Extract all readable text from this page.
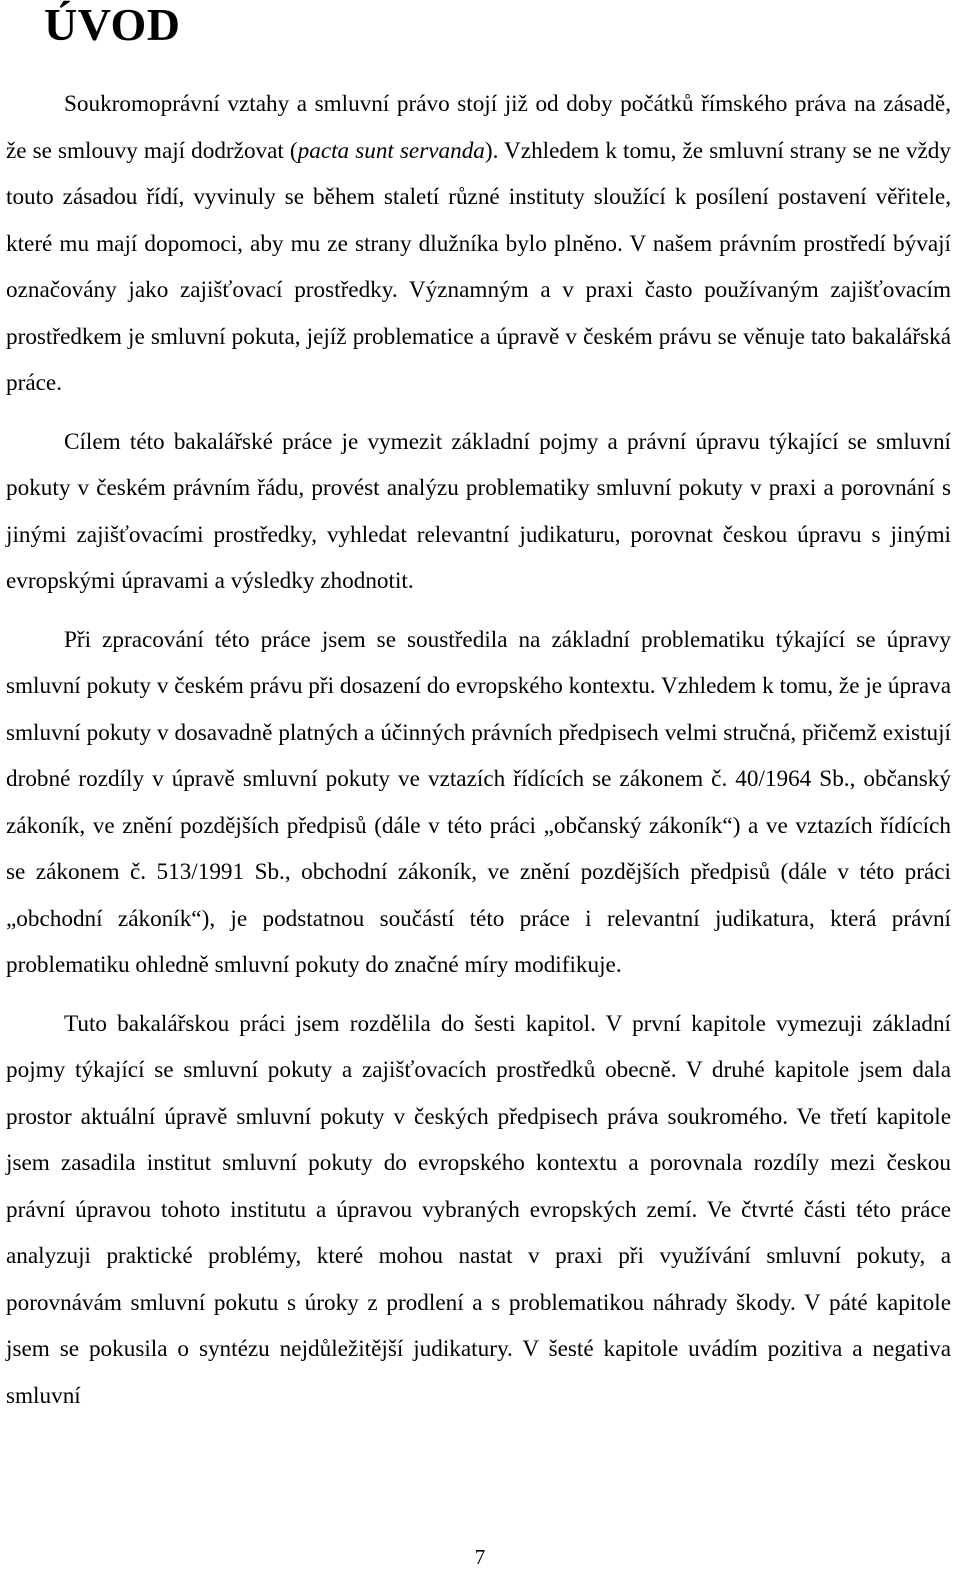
ÚVOD

Soukromoprávní vztahy a smluvní právo stojí již od doby počátků římského práva na zásadě, že se smlouvy mají dodržovat (pacta sunt servanda). Vzhledem k tomu, že smluvní strany se ne vždy touto zásadou řídí, vyvinuly se během staletí různé instituty sloužící k posílení postavení věřitele, které mu mají dopomoci, aby mu ze strany dlužníka bylo plněno. V našem právním prostředí bývají označovány jako zajišťovací prostředky. Významným a v praxi často používaným zajišťovacím prostředkem je smluvní pokuta, jejíž problematice a úpravě v českém právu se věnuje tato bakalářská práce.

Cílem této bakalářské práce je vymezit základní pojmy a právní úpravu týkající se smluvní pokuty v českém právním řádu, provést analýzu problematiky smluvní pokuty v praxi a porovnání s jinými zajišťovacími prostředky, vyhledat relevantní judikaturu, porovnat českou úpravu s jinými evropskými úpravami a výsledky zhodnotit.

Při zpracování této práce jsem se soustředila na základní problematiku týkající se úpravy smluvní pokuty v českém právu při dosazení do evropského kontextu. Vzhledem k tomu, že je úprava smluvní pokuty v dosavadně platných a účinných právních předpisech velmi stručná, přičemž existují drobné rozdíly v úpravě smluvní pokuty ve vztazích řídících se zákonem č. 40/1964 Sb., občanský zákoník, ve znění pozdějších předpisů (dále v této práci „občanský zákoník“) a ve vztazích řídících se zákonem č. 513/1991 Sb., obchodní zákoník, ve znění pozdějších předpisů (dále v této práci „obchodní zákoník“), je podstatnou součástí této práce i relevantní judikatura, která právní problematiku ohledně smluvní pokuty do značné míry modifikuje.

Tuto bakalářskou práci jsem rozdělila do šesti kapitol. V první kapitole vymezuji základní pojmy týkající se smluvní pokuty a zajišťovacích prostředků obecně. V druhé kapitole jsem dala prostor aktuální úpravě smluvní pokuty v českých předpisech práva soukromého. Ve třetí kapitole jsem zasadila institut smluvní pokuty do evropského kontextu a porovnala rozdíly mezi českou právní úpravou tohoto institutu a úpravou vybraných evropských zemí. Ve čtvrté části této práce analyzuji praktické problémy, které mohou nastat v praxi při využívání smluvní pokuty, a porovnávám smluvní pokutu s úroky z prodlení a s problematikou náhrady škody. V páté kapitole jsem se pokusila o syntézu nejdůležitější judikatury. V šesté kapitole uvádím pozitiva a negativa smluvní

7
